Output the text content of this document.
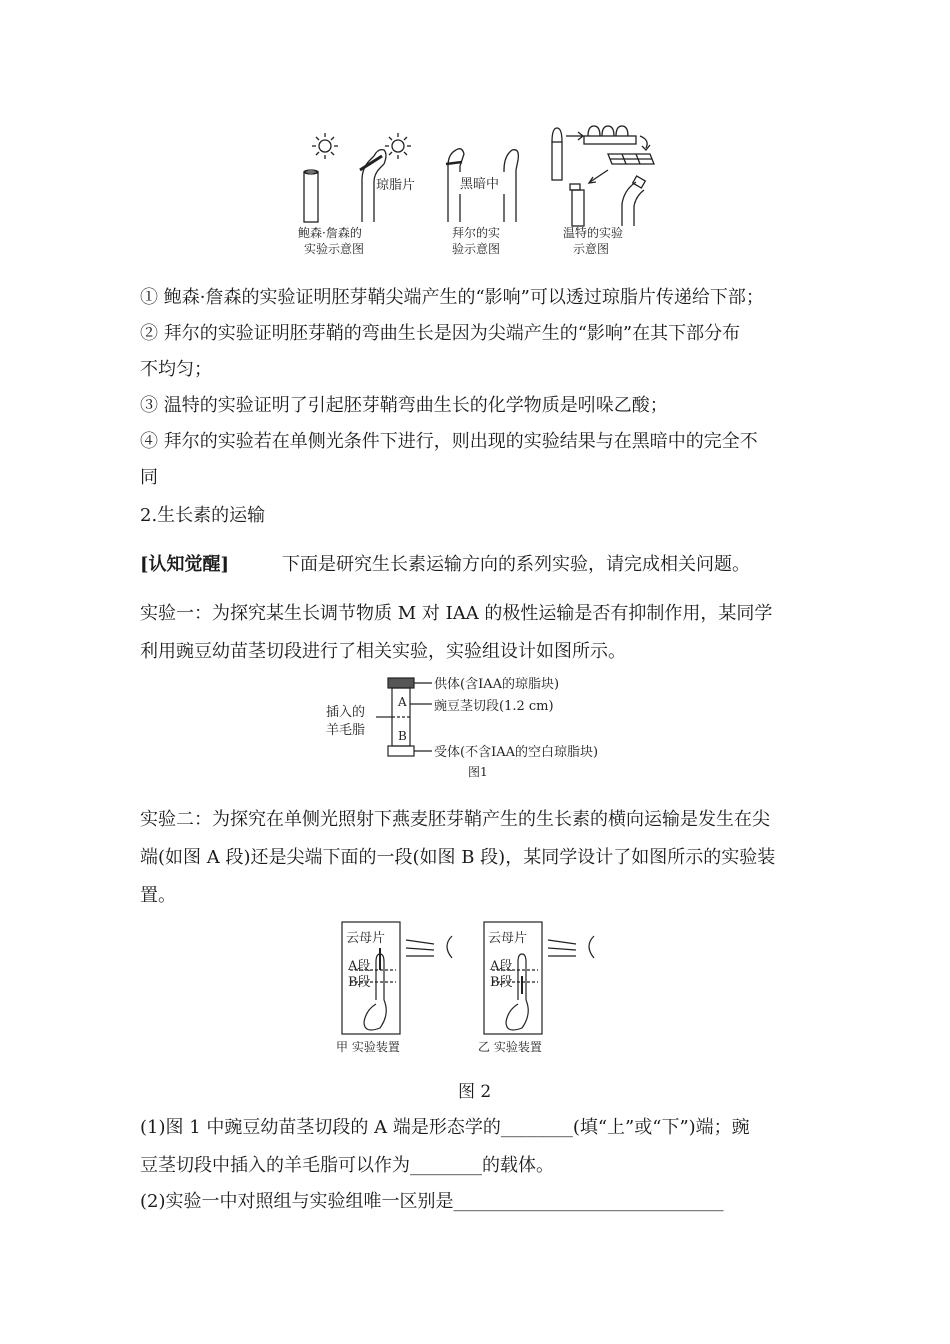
琼脂片	黑暗中
鲍森·詹森的
实验示意图
拜尔的实
验示意图
温特的实验
示意图
① 鲍森·詹森的实验证明胚芽鞘尖端产生的“影响”可以透过琼脂片传递给下部；
② 拜尔的实验证明胚芽鞘的弯曲生长是因为尖端产生的“影响”在其下部分布
不均匀；
③ 温特的实验证明了引起胚芽鞘弯曲生长的化学物质是吲哚乙酸；
④ 拜尔的实验若在单侧光条件下进行，则出现的实验结果与在黑暗中的完全不
同
2.生长素的运输
[认知觉醒]	下面是研究生长素运输方向的系列实验，请完成相关问题。
实验一：为探究某生长调节物质 M 对 IAA 的极性运输是否有抑制作用，某同学
利用豌豆幼苗茎切段进行了相关实验，实验组设计如图所示。
A
B
供体(含IAA的琼脂块)
豌豆茎切段(1.2 cm)
受体(不含IAA的空白琼脂块)
插入的
羊毛脂
图1
实验二：为探究在单侧光照射下燕麦胚芽鞘产生的生长素的横向运输是发生在尖
端(如图 A 段)还是尖端下面的一段(如图 B 段)，某同学设计了如图所示的实验装
置。
云母片
A段
B段
云母片
A段
B段
甲 实验装置	乙 实验装置
图 2
(1)图 1 中豌豆幼苗茎切段的 A 端是形态学的________(填“上”或“下”)端；豌
豆茎切段中插入的羊毛脂可以作为________的载体。
(2)实验一中对照组与实验组唯一区别是______________________________
